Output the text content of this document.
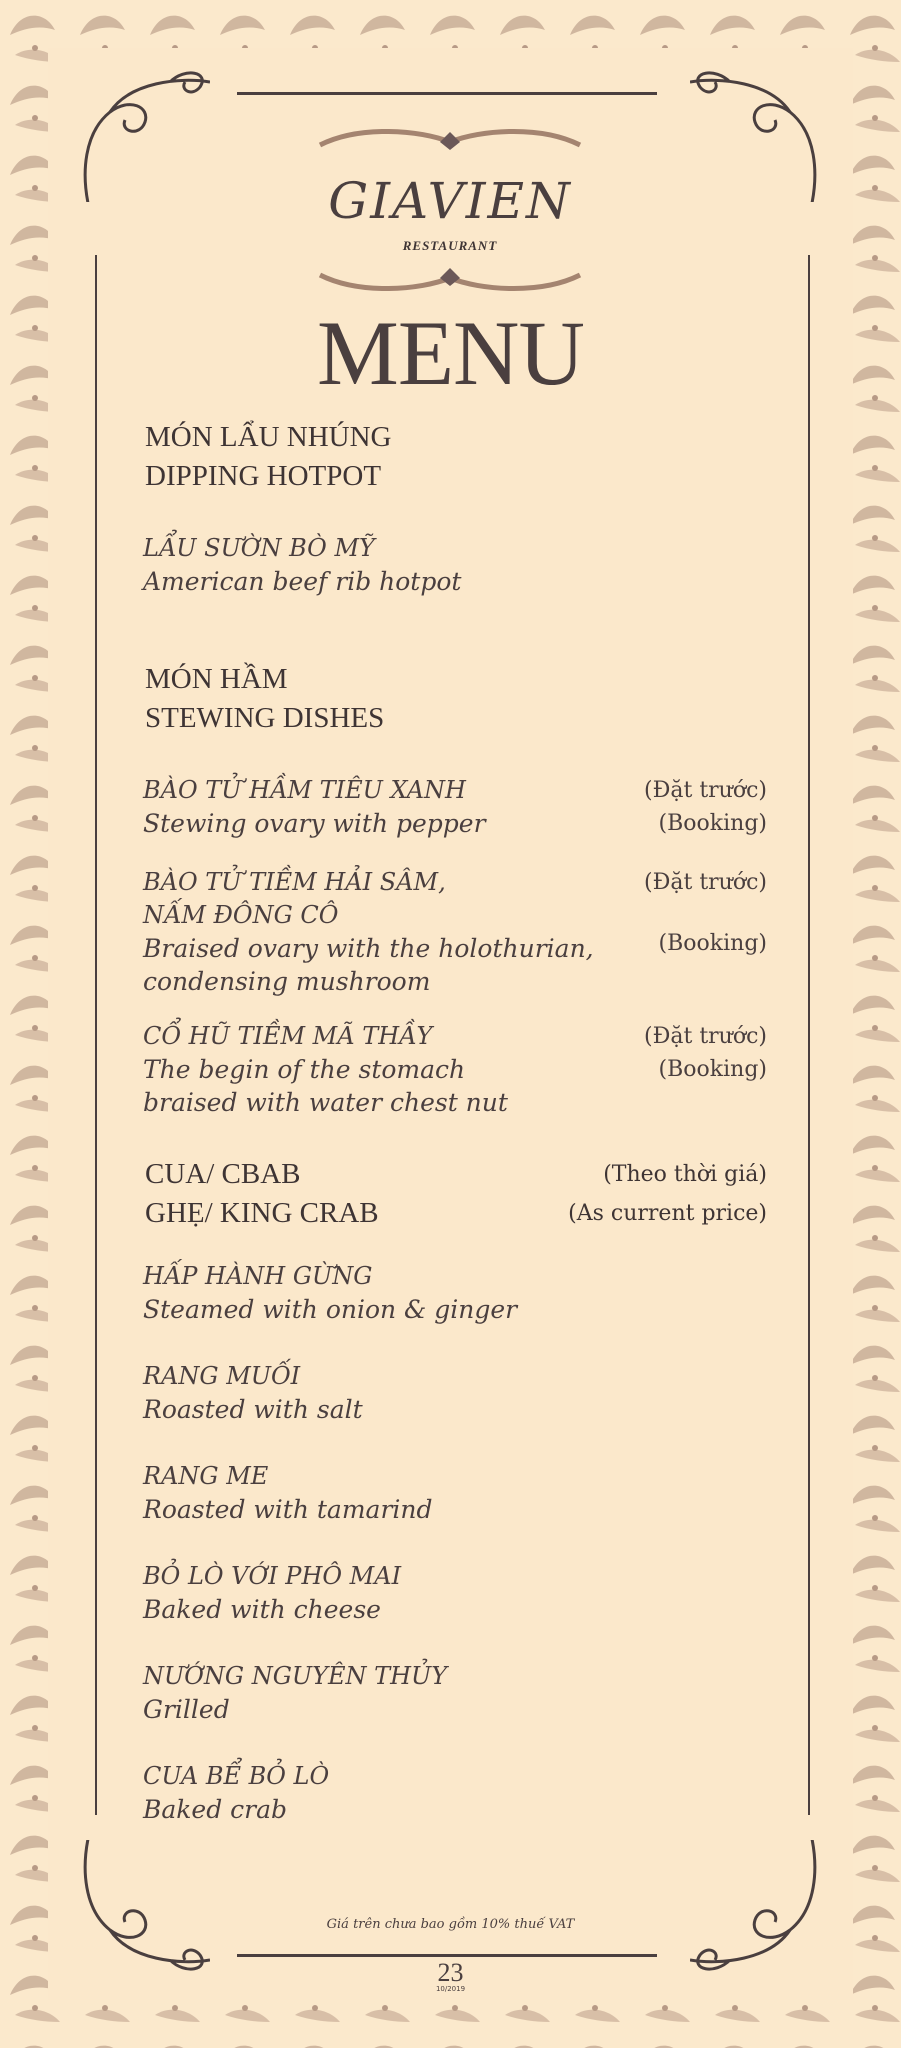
GIAVIEN
RESTAURANT
MENU
MÓN LẨU NHÚNG
DIPPING HOTPOT
LẨU SƯỜN BÒ MỸ
American beef rib hotpot
MÓN HẦM
STEWING DISHES
BÀO TỬ HẦM TIÊU XANH
Stewing ovary with pepper
(Đặt trước)
(Booking)
BÀO TỬ TIỀM HẢI SÂM,
NẤM ĐÔNG CÔ
Braised ovary with the holothurian,
condensing mushroom
(Đặt trước)
(Booking)
CỔ HŨ TIỀM MÃ THẦY
The begin of the stomach
braised with water chest nut
(Đặt trước)
(Booking)
CUA/ CBAB
GHẸ/ KING CRAB
(Theo thời giá)
(As current price)
HẤP HÀNH GỪNG
Steamed with onion & ginger
RANG MUỐI
Roasted with salt
RANG ME
Roasted with tamarind
BỎ LÒ VỚI PHÔ MAI
Baked with cheese
NƯỚNG NGUYÊN THỦY
Grilled
CUA BỂ BỎ LÒ
Baked crab
Giá trên chưa bao gồm 10% thuế VAT
23
10/2019
